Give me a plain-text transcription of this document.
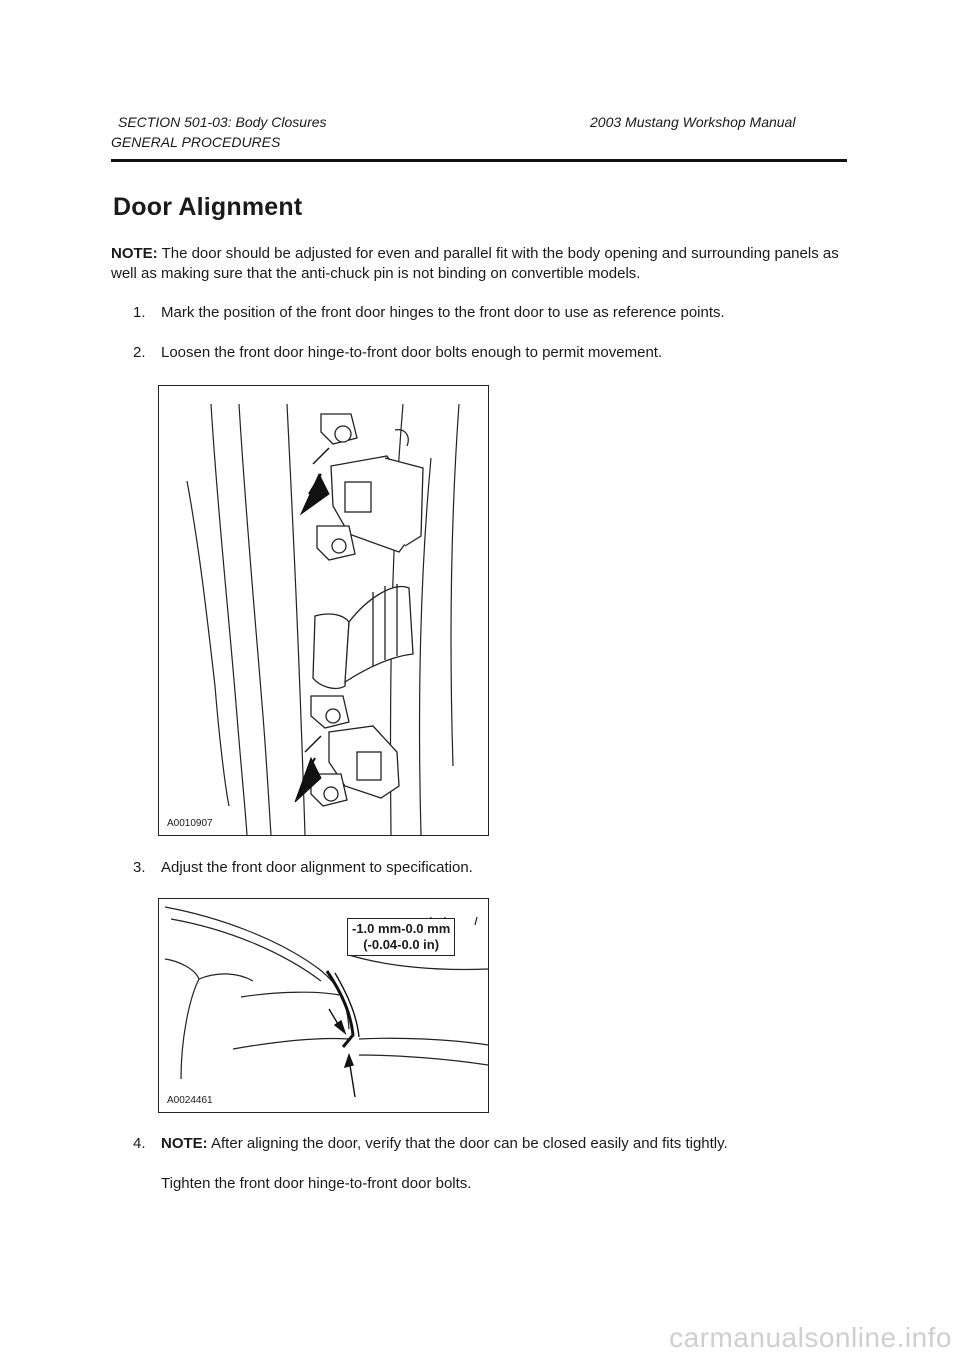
SECTION 501-03: Body Closures	2003 Mustang Workshop Manual
GENERAL PROCEDURES
Door Alignment
NOTE: The door should be adjusted for even and parallel fit with the body opening and surrounding panels as well as making sure that the anti-chuck pin is not binding on convertible models.
1. Mark the position of the front door hinges to the front door to use as reference points.
2. Loosen the front door hinge-to-front door bolts enough to permit movement.
A0010907
3. Adjust the front door alignment to specification.
-1.0 mm-0.0 mm
(-0.04-0.0 in)
A0024461
4. NOTE: After aligning the door, verify that the door can be closed easily and fits tightly.
Tighten the front door hinge-to-front door bolts.
carmanualsonline.info
